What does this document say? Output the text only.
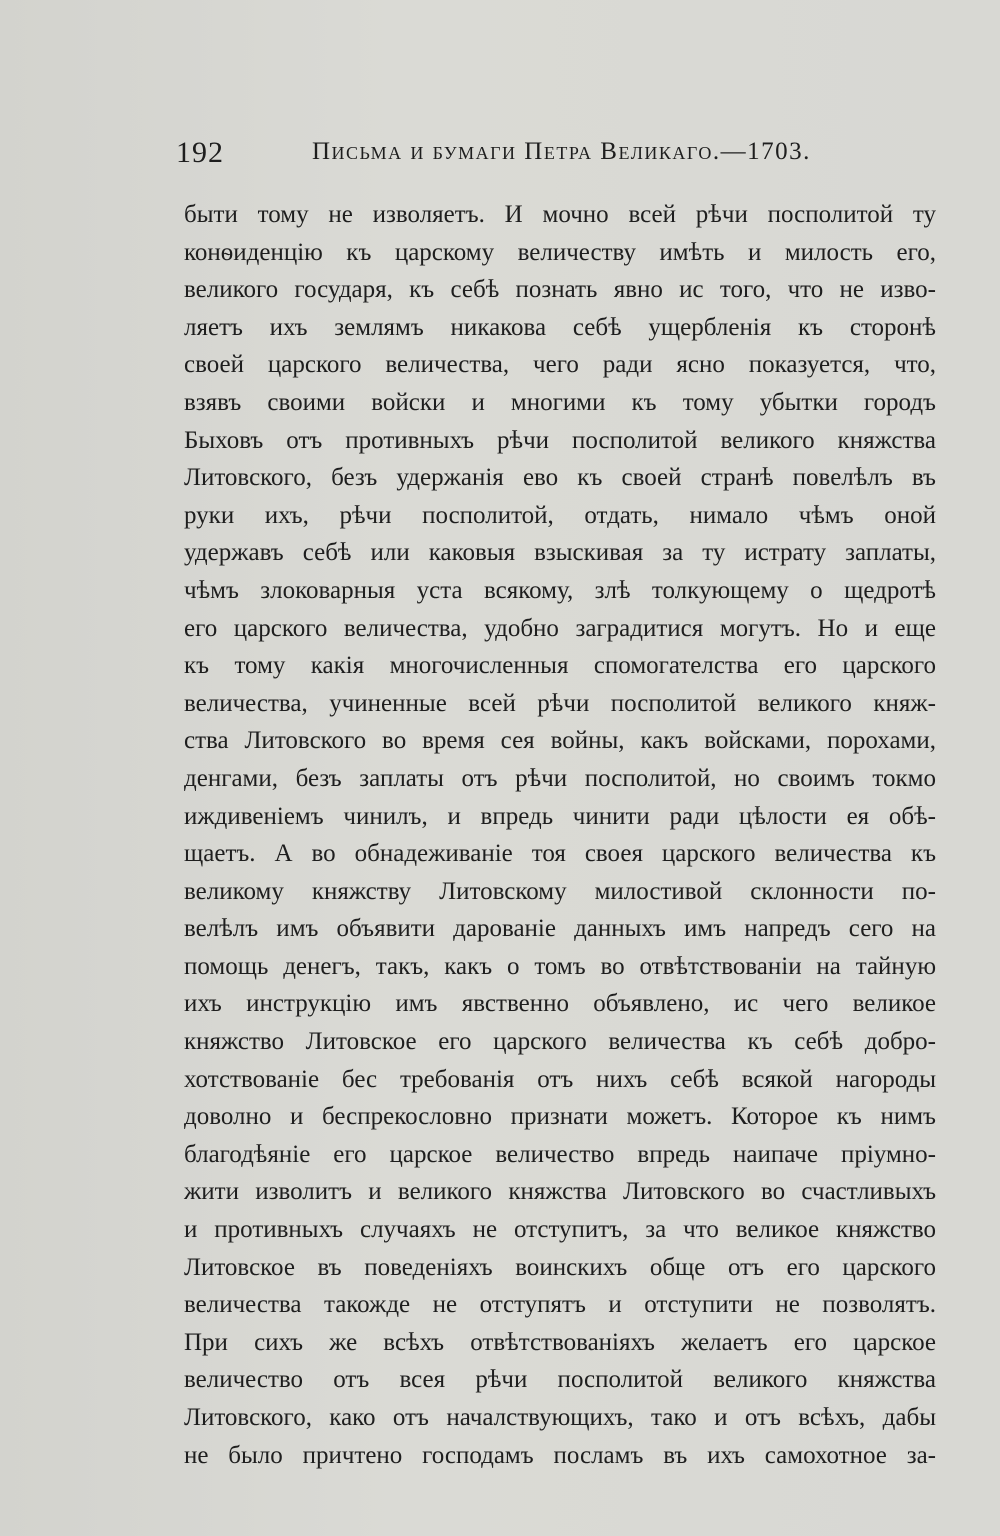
192	Письма и бумаги Петра Великаго.—1703.
быти тому не изволяетъ. И мочно всей рѣчи посполитой ту
конѳиденцію къ царскому величеству имѣть и милость его,
великого государя, къ себѣ познать явно ис того, что не изво-
ляетъ ихъ землямъ никакова себѣ ущербленія къ сторонѣ
своей царского величества, чего ради ясно показуется, что,
взявъ своими войски и многими къ тому убытки городъ
Быховъ отъ противныхъ рѣчи посполитой великого княжства
Литовского, безъ удержанія ево къ своей странѣ повелѣлъ въ
руки ихъ, рѣчи посполитой, отдать, нимало чѣмъ оной
удержавъ себѣ или каковыя взыскивая за ту истрату заплаты,
чѣмъ злоковарныя уста всякому, злѣ толкующему о щедротѣ
его царского величества, удобно заградитися могутъ. Но и еще
къ тому какія многочисленныя спомогателства его царского
величества, учиненные всей рѣчи посполитой великого княж-
ства Литовского во время сея войны, какъ войсками, порохами,
денгами, безъ заплаты отъ рѣчи посполитой, но своимъ токмо
иждивеніемъ чинилъ, и впредь чинити ради цѣлости ея обѣ-
щаетъ. А во обнадеживаніе тоя своея царского величества къ
великому княжству Литовскому милостивой склонности по-
велѣлъ имъ объявити дарованіе данныхъ имъ напредъ сего на
помощь денегъ, такъ, какъ о томъ во отвѣтствованіи на тайную
ихъ инструкцію имъ явственно объявлено, ис чего великое
княжство Литовское его царского величества къ себѣ добро-
хотствованіе бес требованія отъ нихъ себѣ всякой нагороды
доволно и беспрекословно признати можетъ. Которое къ нимъ
благодѣяніе его царское величество впредь наипаче пріумно-
жити изволитъ и великого княжства Литовского во счастливыхъ
и противныхъ случаяхъ не отступитъ, за что великое княжство
Литовское въ поведеніяхъ воинскихъ обще отъ его царского
величества такожде не отступятъ и отступити не позволятъ.
При сихъ же всѣхъ отвѣтствованіяхъ желаетъ его царское
величество отъ всея рѣчи посполитой великого княжства
Литовского, како отъ началствующихъ, тако и отъ всѣхъ, дабы
не было причтено господамъ посламъ въ ихъ самохотное за-
